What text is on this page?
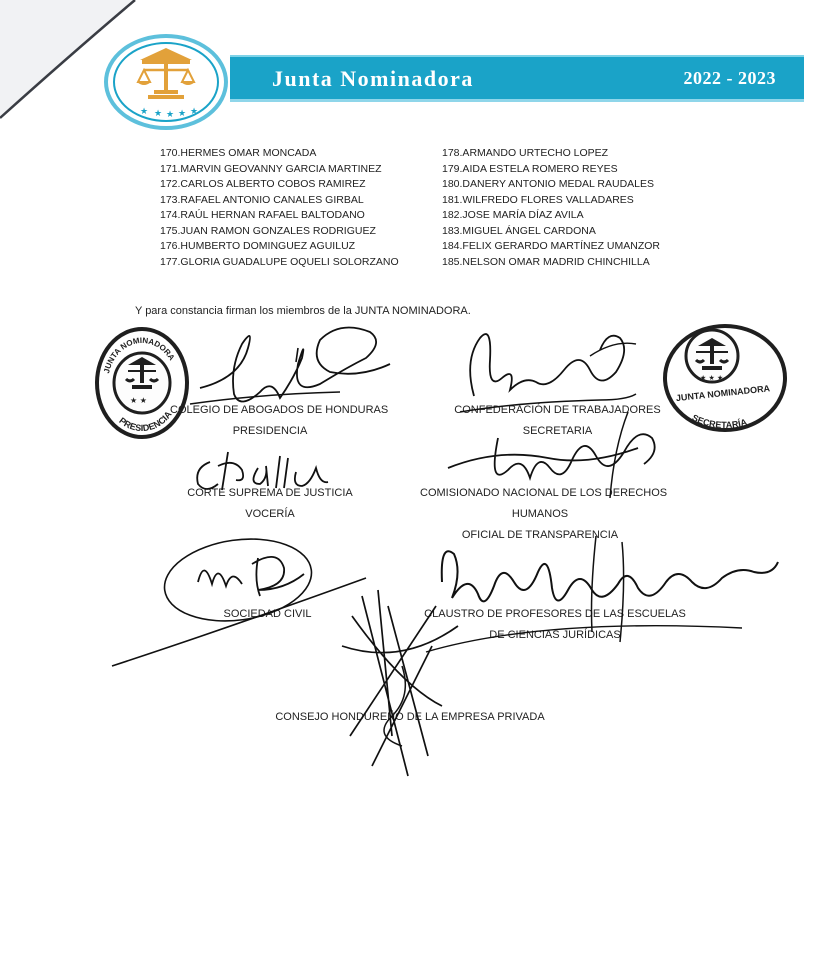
★ ★ ★ ★ ★
Junta Nominadora	2022 - 2023
170.HERMES OMAR MONCADA
171.MARVIN GEOVANNY GARCIA MARTINEZ
172.CARLOS ALBERTO COBOS RAMIREZ
173.RAFAEL ANTONIO CANALES GIRBAL
174.RAÚL HERNAN RAFAEL BALTODANO
175.JUAN RAMON GONZALES RODRIGUEZ
176.HUMBERTO DOMINGUEZ AGUILUZ
177.GLORIA GUADALUPE OQUELI SOLORZANO
178.ARMANDO URTECHO LOPEZ
179.AIDA ESTELA ROMERO REYES
180.DANERY ANTONIO MEDAL RAUDALES
181.WILFREDO FLORES VALLADARES
182.JOSE MARÍA DÍAZ AVILA
183.MIGUEL ÁNGEL CARDONA
184.FELIX GERARDO MARTÍNEZ UMANZOR
185.NELSON OMAR MADRID CHINCHILLA

Y para constancia firman los miembros de la JUNTA NOMINADORA.

★ ★
JUNTA NOMINADORA
PRESIDENCIA
★ ★ ★
JUNTA NOMINADORA
SECRETARÍA
COLEGIO DE ABOGADOS DE HONDURAS
PRESIDENCIA
CONFEDERACIÓN DE TRABAJADORES
SECRETARIA
CORTE SUPREMA DE JUSTICIA
VOCERÍA
COMISIONADO NACIONAL DE LOS DERECHOS
HUMANOS
OFICIAL DE TRANSPARENCIA
SOCIEDAD CIVIL	CLAUSTRO DE PROFESORES DE LAS ESCUELAS
DE CIENCIAS JURÍDICAS
CONSEJO HONDUREÑO DE LA EMPRESA PRIVADA
